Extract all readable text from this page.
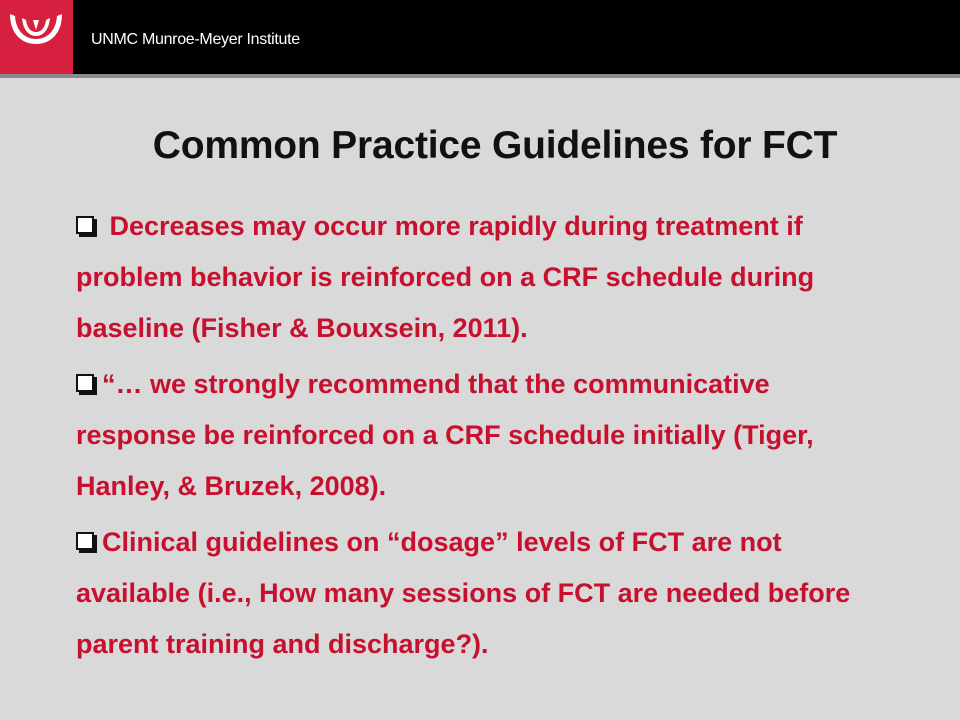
UNMC Munroe-Meyer Institute
Common Practice Guidelines for FCT
Decreases may occur more rapidly during treatment if problem behavior is reinforced on a CRF schedule during baseline (Fisher & Bouxsein, 2011).
“… we strongly recommend that the communicative response be reinforced on a CRF schedule initially (Tiger, Hanley, & Bruzek, 2008).
Clinical guidelines on “dosage” levels of FCT are not available (i.e., How many sessions of FCT are needed before parent training and discharge?).
